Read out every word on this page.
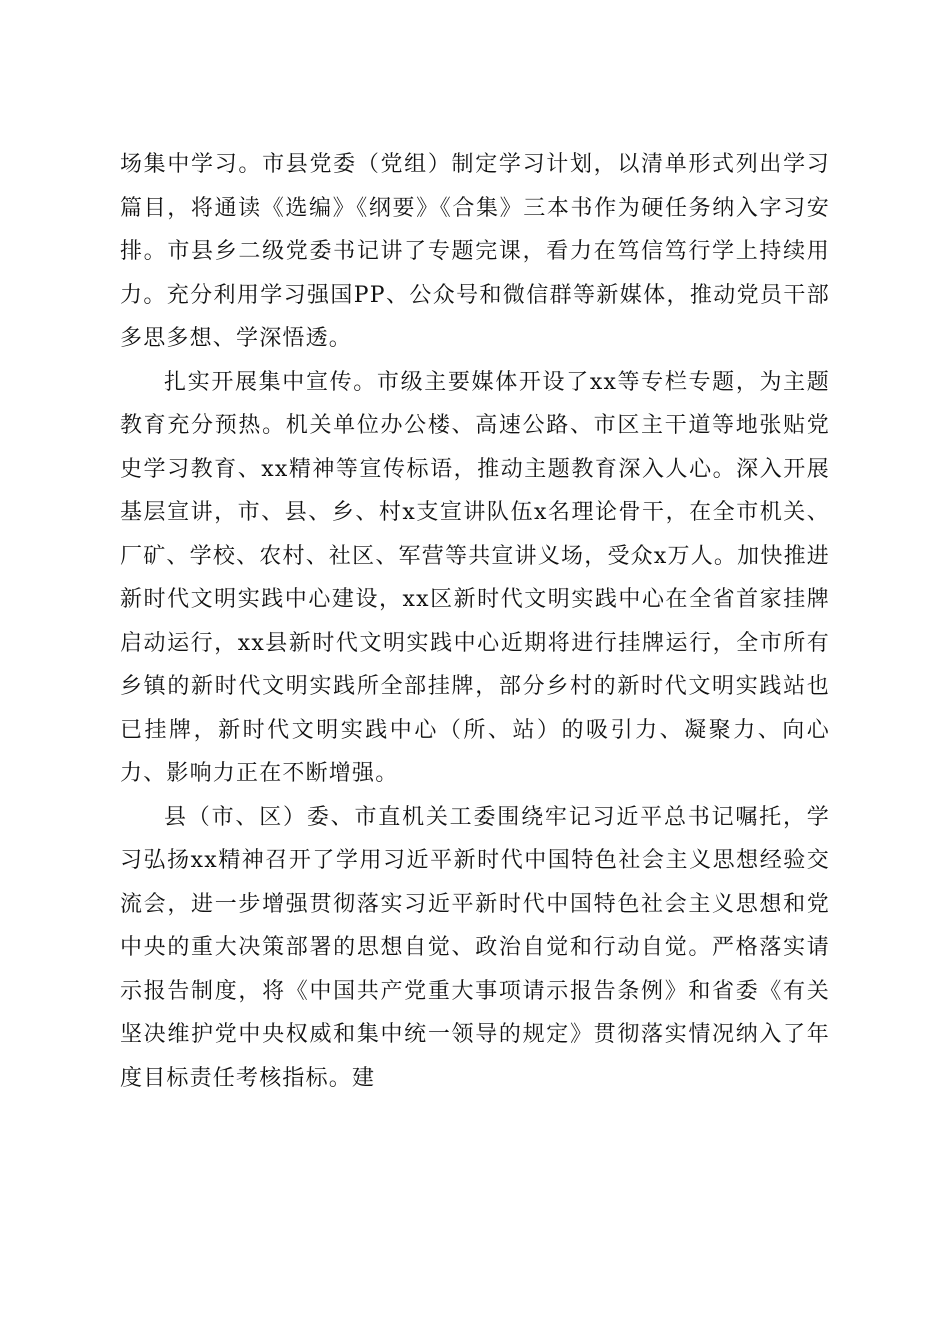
场集中学习。市县党委（党组）制定学习计划，以清单形式列出学习篇目，将通读《选编》《纲要》《合集》三本书作为硬任务纳入字习安排。市县乡二级党委书记讲了专题完课，看力在笃信笃行学上持续用力。充分利用学习强国PP、公众号和微信群等新媒体，推动党员干部多思多想、学深悟透。

扎实开展集中宣传。市级主要媒体开设了xx等专栏专题，为主题教育充分预热。机关单位办公楼、高速公路、市区主干道等地张贴党史学习教育、xx精神等宣传标语，推动主题教育深入人心。深入开展基层宣讲，市、县、乡、村x支宣讲队伍x名理论骨干，在全市机关、厂矿、学校、农村、社区、军营等共宣讲义场，受众x万人。加快推进新时代文明实践中心建设，xx区新时代文明实践中心在全省首家挂牌启动运行，xx县新时代文明实践中心近期将进行挂牌运行，全市所有乡镇的新时代文明实践所全部挂牌，部分乡村的新时代文明实践站也已挂牌，新时代文明实践中心（所、站）的吸引力、凝聚力、向心力、影响力正在不断增强。

县（市、区）委、市直机关工委围绕牢记习近平总书记嘱托，学习弘扬xx精神召开了学用习近平新时代中国特色社会主义思想经验交流会，进一步增强贯彻落实习近平新时代中国特色社会主义思想和党中央的重大决策部署的思想自觉、政治自觉和行动自觉。严格落实请示报告制度，将《中国共产党重大事项请示报告条例》和省委《有关坚决维护党中央权威和集中统一领导的规定》贯彻落实情况纳入了年度目标责任考核指标。建
